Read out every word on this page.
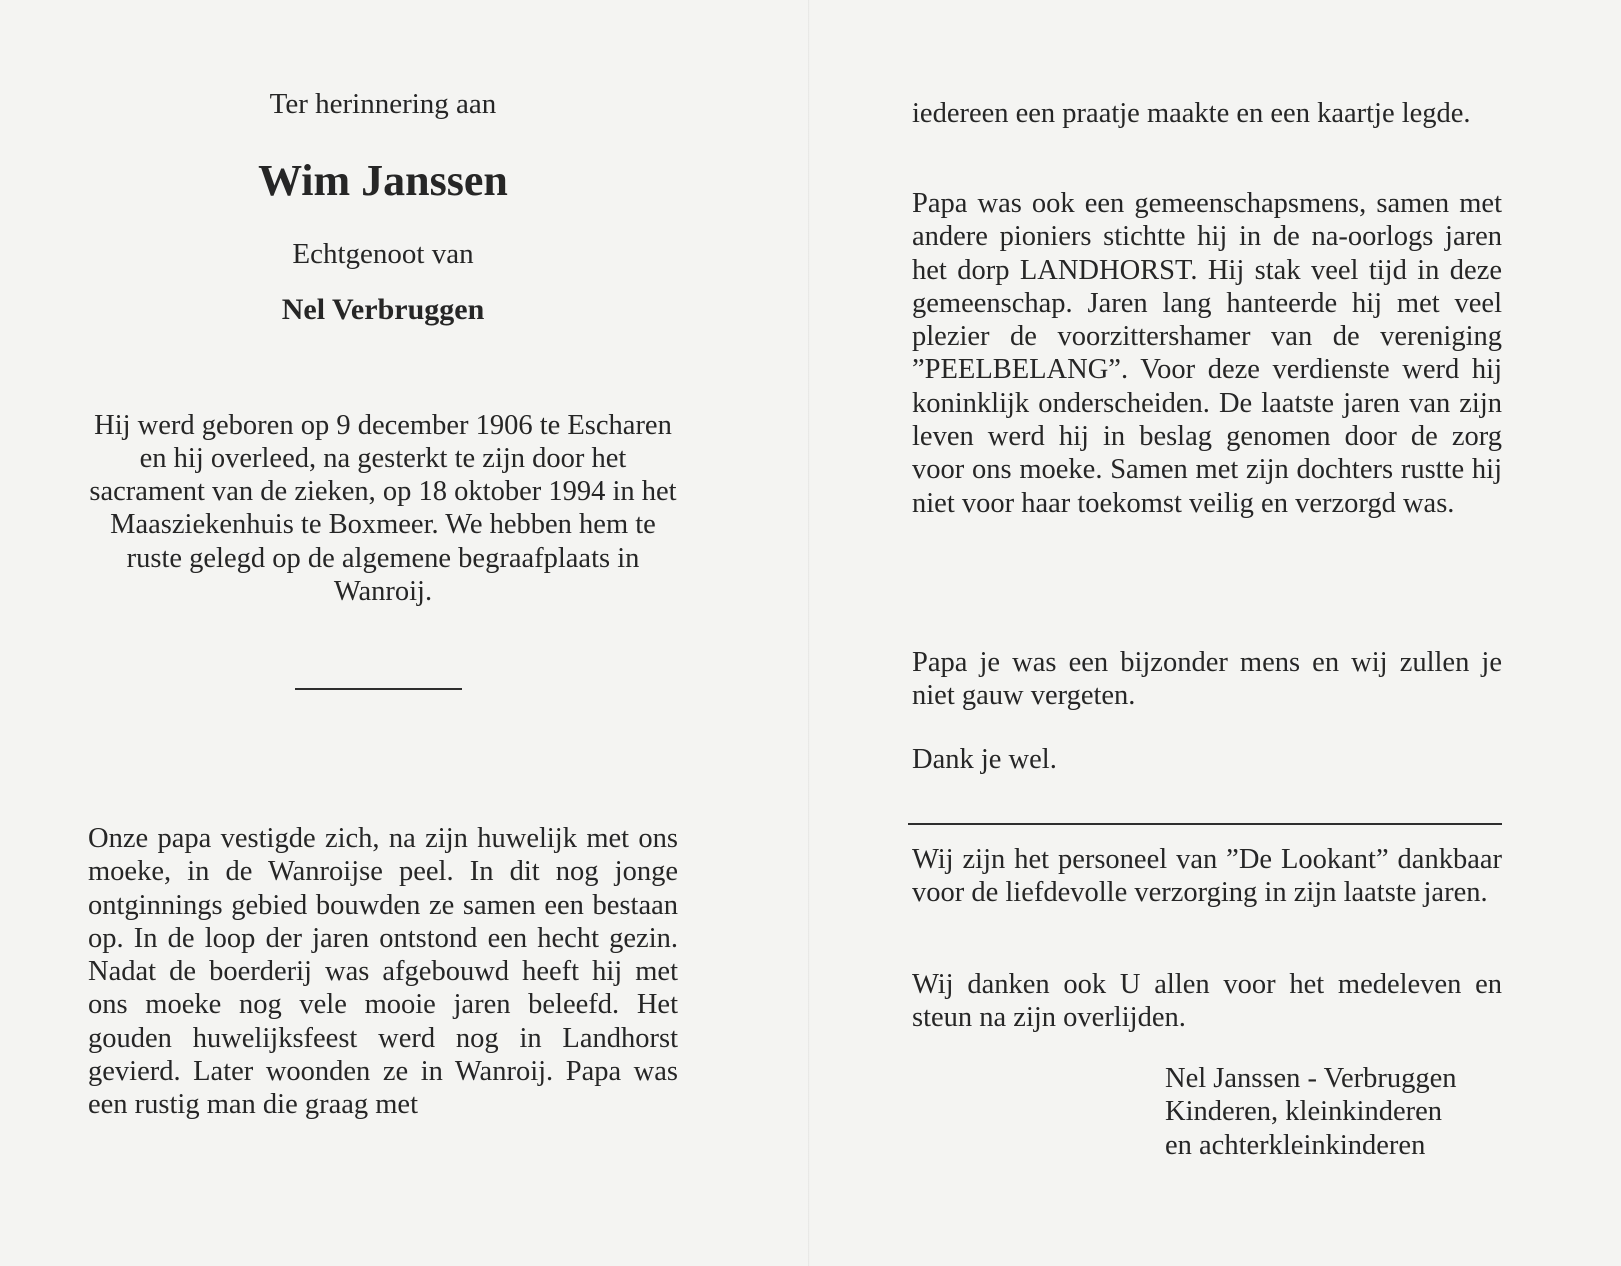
Ter herinnering aan
Wim Janssen
Echtgenoot van
Nel Verbruggen

Hij werd geboren op 9 december 1906 te Escharen en hij overleed, na gesterkt te zijn door het sacrament van de zieken, op 18 oktober 1994 in het Maasziekenhuis te Boxmeer. We hebben hem te ruste gelegd op de algemene begraafplaats in Wanroij.

Onze papa vestigde zich, na zijn huwelijk met ons moeke, in de Wanroijse peel. In dit nog jonge ontginnings gebied bouwden ze samen een bestaan op. In de loop der jaren ontstond een hecht gezin. Nadat de boerderij was afgebouwd heeft hij met ons moeke nog vele mooie jaren beleefd. Het gouden huwelijksfeest werd nog in Landhorst gevierd. Later woonden ze in Wanroij. Papa was een rustig man die graag met

iedereen een praatje maakte en een kaartje legde.

Papa was ook een gemeenschapsmens, samen met andere pioniers stichtte hij in de na-oorlogs jaren het dorp LANDHORST. Hij stak veel tijd in deze gemeenschap. Jaren lang hanteerde hij met veel plezier de voorzittershamer van de vereniging ”PEELBELANG”. Voor deze verdienste werd hij koninklijk onderscheiden. De laatste jaren van zijn leven werd hij in beslag genomen door de zorg voor ons moeke. Samen met zijn dochters rustte hij niet voor haar toekomst veilig en verzorgd was.

Papa je was een bijzonder mens en wij zullen je niet gauw vergeten.

Dank je wel.

Wij zijn het personeel van ”De Lookant” dankbaar voor de liefdevolle verzorging in zijn laatste jaren.

Wij danken ook U allen voor het medeleven en steun na zijn overlijden.

Nel Janssen - Verbruggen
Kinderen, kleinkinderen
en achterkleinkinderen
